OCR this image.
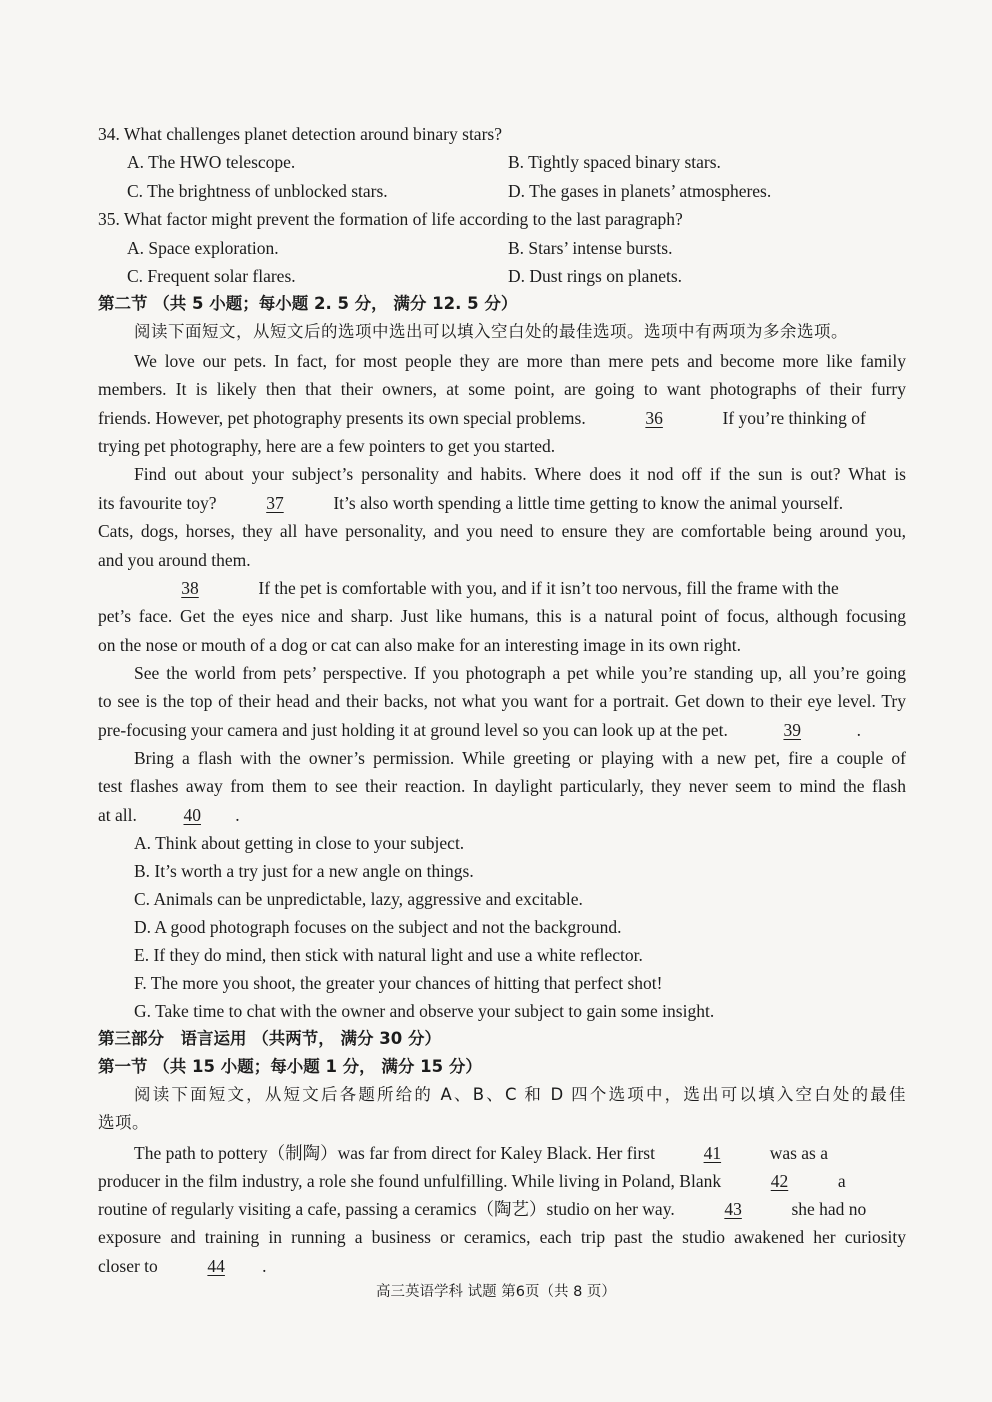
34. What challenges planet detection around binary stars?
A. The HWO telescope.	B. Tightly spaced binary stars.
C. The brightness of unblocked stars.	D. The gases in planets’ atmospheres.
35. What factor might prevent the formation of life according to the last paragraph?
A. Space exploration.	B. Stars’ intense bursts.
C. Frequent solar flares.	D. Dust rings on planets.
第二节 （共 5 小题；每小题 2. 5 分， 满分 12. 5 分）
阅读下面短文，从短文后的选项中选出可以填入空白处的最佳选项。选项中有两项为多余选项。
We love our pets. In fact, for most people they are more than mere pets and become more like family
members. It is likely then that their owners, at some point, are going to want photographs of their furry
friends. However, pet photography presents its own special problems.	36	If you’re thinking of
trying pet photography, here are a few pointers to get you started.
Find out about your subject’s personality and habits. Where does it nod off if the sun is out? What is
its favourite toy?	37	It’s also worth spending a little time getting to know the animal yourself.
Cats, dogs, horses, they all have personality, and you need to ensure they are comfortable being around you,
and you around them.
38	If the pet is comfortable with you, and if it isn’t too nervous, fill the frame with the
pet’s face. Get the eyes nice and sharp. Just like humans, this is a natural point of focus, although focusing
on the nose or mouth of a dog or cat can also make for an interesting image in its own right.
See the world from pets’ perspective. If you photograph a pet while you’re standing up, all you’re going
to see is the top of their head and their backs, not what you want for a portrait. Get down to their eye level. Try
pre-focusing your camera and just holding it at ground level so you can look up at the pet.	39	.
Bring a flash with the owner’s permission. While greeting or playing with a new pet, fire a couple of
test flashes away from them to see their reaction. In daylight particularly, they never seem to mind the flash
at all.	40 .
A. Think about getting in close to your subject.
B. It’s worth a try just for a new angle on things.
C. Animals can be unpredictable, lazy, aggressive and excitable.
D. A good photograph focuses on the subject and not the background.
E. If they do mind, then stick with natural light and use a white reflector.
F. The more you shoot, the greater your chances of hitting that perfect shot!
G. Take time to chat with the owner and observe your subject to gain some insight.
第三部分　语言运用 （共两节， 满分 30 分）
第一节 （共 15 小题；每小题 1 分， 满分 15 分）
阅读下面短文，从短文后各题所给的 A、B、C 和 D 四个选项中，选出可以填入空白处的最佳
选项。
The path to pottery（制陶）was far from direct for Kaley Black. Her first	41	was as a
producer in the film industry, a role she found unfulfilling. While living in Poland, Blank	42	a
routine of regularly visiting a cafe, passing a ceramics（陶艺）studio on her way.	43	she had no
exposure and training in running a business or ceramics, each trip past the studio awakened her curiosity
closer to	44 .
高三英语学科 试题 第6页（共 8 页）
